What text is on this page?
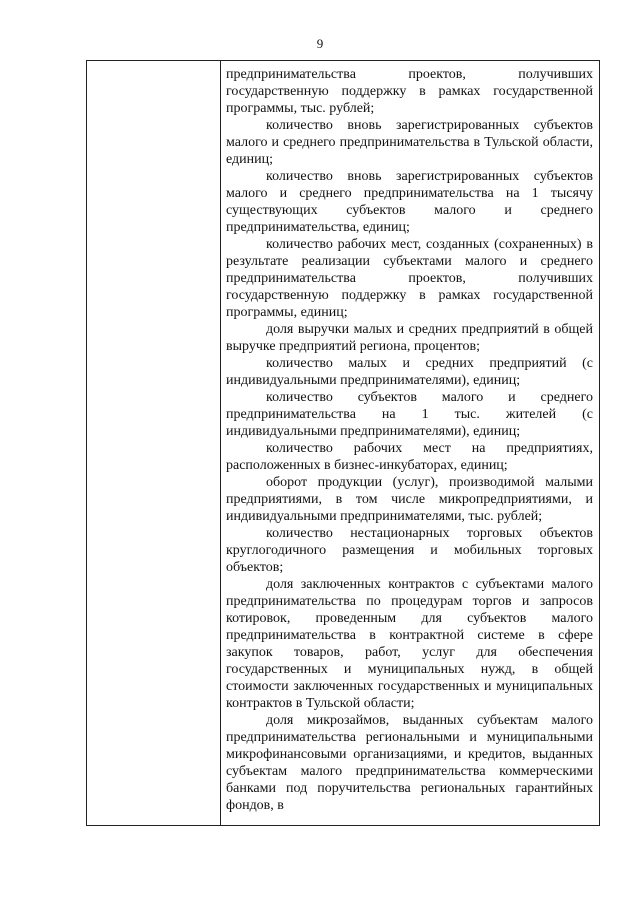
9

предпринимательства проектов, получивших государственную поддержку в рамках государственной программы, тыс. рублей;

количество вновь зарегистрированных субъектов малого и среднего предпринимательства в Тульской области, единиц;

количество вновь зарегистрированных субъектов малого и среднего предпринимательства на 1 тысячу существующих субъектов малого и среднего предпринимательства, единиц;

количество рабочих мест, созданных (сохраненных) в результате реализации субъектами малого и среднего предпринимательства проектов, получивших государственную поддержку в рамках государственной программы, единиц;

доля выручки малых и средних предприятий в общей выручке предприятий региона, процентов;

количество малых и средних предприятий (с индивидуальными предпринимателями), единиц;

количество субъектов малого и среднего предпринимательства на 1 тыс. жителей (с индивидуальными предпринимателями), единиц;

количество рабочих мест на предприятиях, расположенных в бизнес-инкубаторах, единиц;

оборот продукции (услуг), производимой малыми предприятиями, в том числе микропредприятиями, и индивидуальными предпринимателями, тыс. рублей;

количество нестационарных торговых объектов круглогодичного размещения и мобильных торговых объектов;

доля заключенных контрактов с субъектами малого предпринимательства по процедурам торгов и запросов котировок, проведенным для субъектов малого предпринимательства в контрактной системе в сфере закупок товаров, работ, услуг для обеспечения государственных и муниципальных нужд, в общей стоимости заключенных государственных и муниципальных контрактов в Тульской области;

доля микрозаймов, выданных субъектам малого предпринимательства региональными и муниципальными микрофинансовыми организациями, и кредитов, выданных субъектам малого предпринимательства коммерческими банками под поручительства региональных гарантийных фондов, в
